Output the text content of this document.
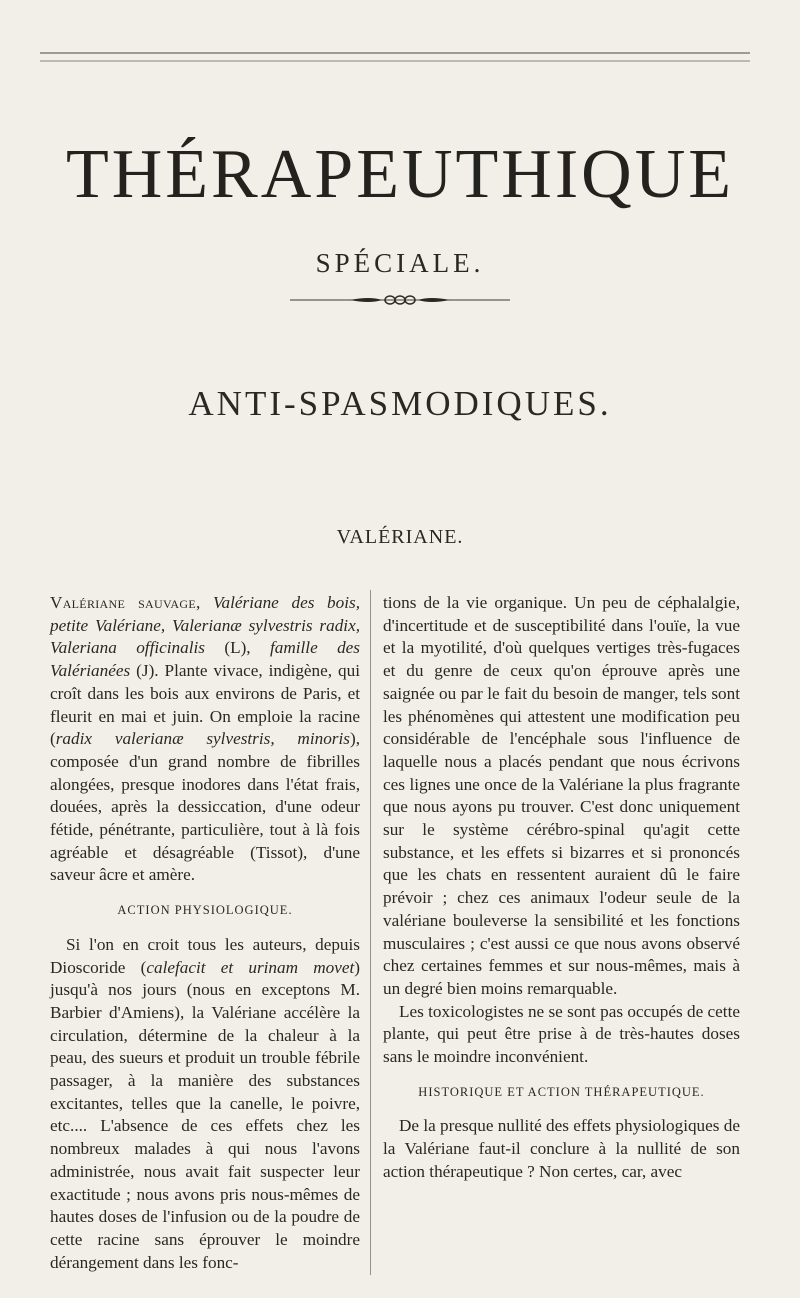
THÉRAPEUTHIQUE
SPÉCIALE.
ANTI-SPASMODIQUES.
VALÉRIANE.

Valériane sauvage, Valériane des bois, petite Valériane, Valerianæ sylvestris radix, Valeriana officinalis (L), famille des Valérianées (J). Plante vivace, indigène, qui croît dans les bois aux environs de Paris, et fleurit en mai et juin. On emploie la racine (radix valerianæ sylvestris, minoris), composée d'un grand nombre de fibrilles alongées, presque inodores dans l'état frais, douées, après la dessiccation, d'une odeur fétide, pénétrante, particulière, tout à là fois agréable et désagréable (Tissot), d'une saveur âcre et amère.

ACTION PHYSIOLOGIQUE.

Si l'on en croit tous les auteurs, depuis Dioscoride (calefacit et urinam movet) jusqu'à nos jours (nous en exceptons M. Barbier d'Amiens), la Valériane accélère la circulation, détermine de la chaleur à la peau, des sueurs et produit un trouble fébrile passager, à la manière des substances excitantes, telles que la canelle, le poivre, etc.... L'absence de ces effets chez les nombreux malades à qui nous l'avons administrée, nous avait fait suspecter leur exactitude ; nous avons pris nous-mêmes de hautes doses de l'infusion ou de la poudre de cette racine sans éprouver le moindre dérangement dans les fonc-

tions de la vie organique. Un peu de céphalalgie, d'incertitude et de susceptibilité dans l'ouïe, la vue et la myotilité, d'où quelques vertiges très-fugaces et du genre de ceux qu'on éprouve après une saignée ou par le fait du besoin de manger, tels sont les phénomènes qui attestent une modification peu considérable de l'encéphale sous l'influence de laquelle nous a placés pendant que nous écrivons ces lignes une once de la Valériane la plus fragrante que nous ayons pu trouver. C'est donc uniquement sur le système cérébro-spinal qu'agit cette substance, et les effets si bizarres et si prononcés que les chats en ressentent auraient dû le faire prévoir ; chez ces animaux l'odeur seule de la valériane bouleverse la sensibilité et les fonctions musculaires ; c'est aussi ce que nous avons observé chez certaines femmes et sur nous-mêmes, mais à un degré bien moins remarquable.

Les toxicologistes ne se sont pas occupés de cette plante, qui peut être prise à de très-hautes doses sans le moindre inconvénient.

HISTORIQUE ET ACTION THÉRAPEUTIQUE.

De la presque nullité des effets physiologiques de la Valériane faut-il conclure à la nullité de son action thérapeutique ? Non certes, car, avec
